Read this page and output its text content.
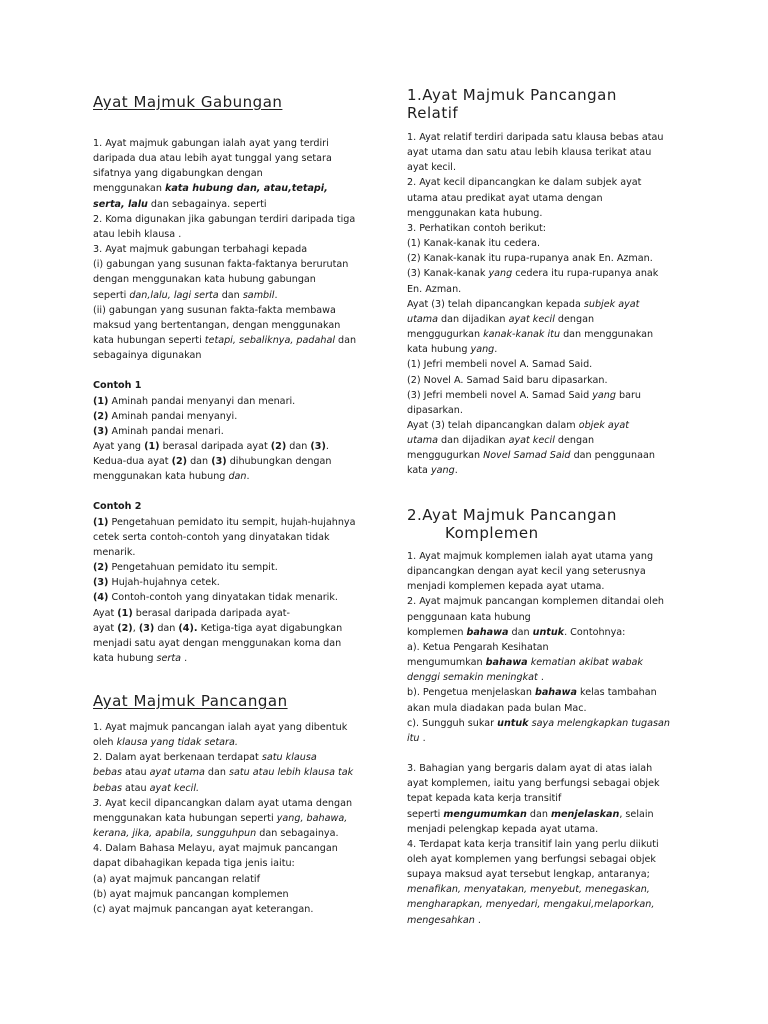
Ayat Majmuk Gabungan

1. Ayat majmuk gabungan ialah ayat yang terdiri

daripada dua atau lebih ayat tunggal yang setara

sifatnya yang digabungkan dengan

menggunakan kata hubung dan, atau,tetapi,

serta, lalu dan sebagainya. seperti

2. Koma digunakan jika gabungan terdiri daripada tiga

atau lebih klausa .

3. Ayat majmuk gabungan terbahagi kepada

(i) gabungan yang susunan fakta-faktanya berurutan

dengan menggunakan kata hubung gabungan

seperti dan,lalu, lagi serta dan sambil.

(ii) gabungan yang susunan fakta-fakta membawa

maksud yang bertentangan, dengan menggunakan

kata hubungan seperti tetapi, sebaliknya, padahal dan

sebagainya digunakan

Contoh 1

(1) Aminah pandai menyanyi dan menari.

(2) Aminah pandai menyanyi.

(3) Aminah pandai menari.

Ayat yang (1) berasal daripada ayat (2) dan (3).

Kedua-dua ayat (2) dan (3) dihubungkan dengan

menggunakan kata hubung dan.

Contoh 2

(1) Pengetahuan pemidato itu sempit, hujah-hujahnya

cetek serta contoh-contoh yang dinyatakan tidak

menarik.

(2) Pengetahuan pemidato itu sempit.

(3) Hujah-hujahnya cetek.

(4) Contoh-contoh yang dinyatakan tidak menarik.

Ayat (1) berasal daripada daripada ayat-

ayat (2), (3) dan (4). Ketiga-tiga ayat digabungkan

menjadi satu ayat dengan menggunakan koma dan

kata hubung serta .

Ayat Majmuk Pancangan

1. Ayat majmuk pancangan ialah ayat yang dibentuk

oleh klausa yang tidak setara.

2. Dalam ayat berkenaan terdapat satu klausa

bebas atau ayat utama dan satu atau lebih klausa tak

bebas atau ayat kecil.

3. Ayat kecil dipancangkan dalam ayat utama dengan

menggunakan kata hubungan seperti yang, bahawa,

kerana, jika, apabila, sungguhpun dan sebagainya.

4. Dalam Bahasa Melayu, ayat majmuk pancangan

dapat dibahagikan kepada tiga jenis iaitu:

(a) ayat majmuk pancangan relatif

(b) ayat majmuk pancangan komplemen

(c) ayat majmuk pancangan ayat keterangan.

1.Ayat Majmuk Pancangan
Relatif

1. Ayat relatif terdiri daripada satu klausa bebas atau

ayat utama dan satu atau lebih klausa terikat atau

ayat kecil.

2. Ayat kecil dipancangkan ke dalam subjek ayat

utama atau predikat ayat utama dengan

menggunakan kata hubung.

3. Perhatikan contoh berikut:

(1) Kanak-kanak itu cedera.

(2) Kanak-kanak itu rupa-rupanya anak En. Azman.

(3) Kanak-kanak yang cedera itu rupa-rupanya anak

En. Azman.

Ayat (3) telah dipancangkan kepada subjek ayat

utama dan dijadikan ayat kecil dengan

menggugurkan kanak-kanak itu dan menggunakan

kata hubung yang.

(1) Jefri membeli novel A. Samad Said.

(2) Novel A. Samad Said baru dipasarkan.

(3) Jefri membeli novel A. Samad Said yang baru

dipasarkan.

Ayat (3) telah dipancangkan dalam objek ayat

utama dan dijadikan ayat kecil dengan

menggugurkan Novel Samad Said dan penggunaan

kata yang.

2.Ayat Majmuk Pancangan
Komplemen

1. Ayat majmuk komplemen ialah ayat utama yang

dipancangkan dengan ayat kecil yang seterusnya

menjadi komplemen kepada ayat utama.

2. Ayat majmuk pancangan komplemen ditandai oleh

penggunaan kata hubung

komplemen bahawa dan untuk. Contohnya:

a). Ketua Pengarah Kesihatan

mengumumkan bahawa kematian akibat wabak

denggi semakin meningkat .

b). Pengetua menjelaskan bahawa kelas tambahan

akan mula diadakan pada bulan Mac.

c). Sungguh sukar untuk saya melengkapkan tugasan

itu .

3. Bahagian yang bergaris dalam ayat di atas ialah

ayat komplemen, iaitu yang berfungsi sebagai objek

tepat kepada kata kerja transitif

seperti mengumumkan dan menjelaskan, selain

menjadi pelengkap kepada ayat utama.

4. Terdapat kata kerja transitif lain yang perlu diikuti

oleh ayat komplemen yang berfungsi sebagai objek

supaya maksud ayat tersebut lengkap, antaranya;

menafikan, menyatakan, menyebut, menegaskan,

mengharapkan, menyedari, mengakui,melaporkan,

mengesahkan .
